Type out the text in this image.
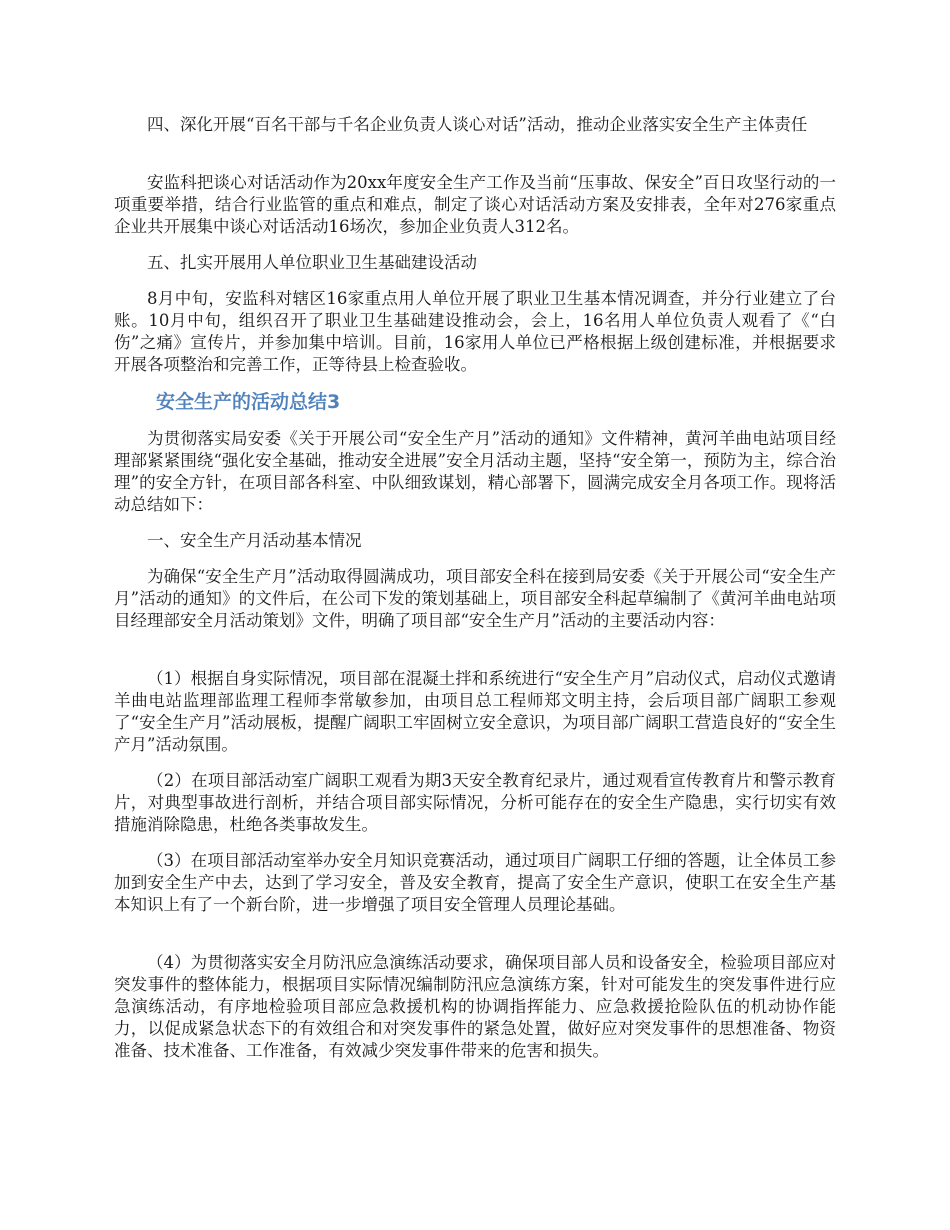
四、深化开展“百名干部与千名企业负责人谈心对话”活动，推动企业落实安全生产主体责任

安监科把谈心对话活动作为20xx年度安全生产工作及当前“压事故、保安全”百日攻坚行动的一项重要举措，结合行业监管的重点和难点，制定了谈心对话活动方案及安排表，全年对276家重点企业共开展集中谈心对话活动16场次，参加企业负责人312名。

五、扎实开展用人单位职业卫生基础建设活动

8月中旬，安监科对辖区16家重点用人单位开展了职业卫生基本情况调查，并分行业建立了台账。10月中旬，组织召开了职业卫生基础建设推动会，会上，16名用人单位负责人观看了《“白伤”之痛》宣传片，并参加集中培训。目前，16家用人单位已严格根据上级创建标准，并根据要求开展各项整治和完善工作，正等待县上检查验收。

安全生产的活动总结3

为贯彻落实局安委《关于开展公司“安全生产月”活动的通知》文件精神，黄河羊曲电站项目经理部紧紧围绕“强化安全基础，推动安全进展”安全月活动主题，坚持“安全第一，预防为主，综合治理”的安全方针，在项目部各科室、中队细致谋划，精心部署下，圆满完成安全月各项工作。现将活动总结如下：

一、安全生产月活动基本情况

为确保“安全生产月”活动取得圆满成功，项目部安全科在接到局安委《关于开展公司“安全生产月”活动的通知》的文件后，在公司下发的策划基础上，项目部安全科起草编制了《黄河羊曲电站项目经理部安全月活动策划》文件，明确了项目部“安全生产月”活动的主要活动内容：

（1）根据自身实际情况，项目部在混凝土拌和系统进行“安全生产月”启动仪式，启动仪式邀请羊曲电站监理部监理工程师李常敏参加，由项目总工程师郑文明主持，会后项目部广阔职工参观了“安全生产月”活动展板，提醒广阔职工牢固树立安全意识，为项目部广阔职工营造良好的“安全生产月”活动氛围。

（2）在项目部活动室广阔职工观看为期3天安全教育纪录片，通过观看宣传教育片和警示教育片，对典型事故进行剖析，并结合项目部实际情况，分析可能存在的安全生产隐患，实行切实有效措施消除隐患，杜绝各类事故发生。

（3）在项目部活动室举办安全月知识竞赛活动，通过项目广阔职工仔细的答题，让全体员工参加到安全生产中去，达到了学习安全，普及安全教育，提高了安全生产意识，使职工在安全生产基本知识上有了一个新台阶，进一步增强了项目安全管理人员理论基础。

（4）为贯彻落实安全月防汛应急演练活动要求，确保项目部人员和设备安全，检验项目部应对突发事件的整体能力，根据项目实际情况编制防汛应急演练方案，针对可能发生的突发事件进行应急演练活动，有序地检验项目部应急救援机构的协调指挥能力、应急救援抢险队伍的机动协作能力，以促成紧急状态下的有效组合和对突发事件的紧急处置，做好应对突发事件的思想准备、物资准备、技术准备、工作准备，有效减少突发事件带来的危害和损失。
